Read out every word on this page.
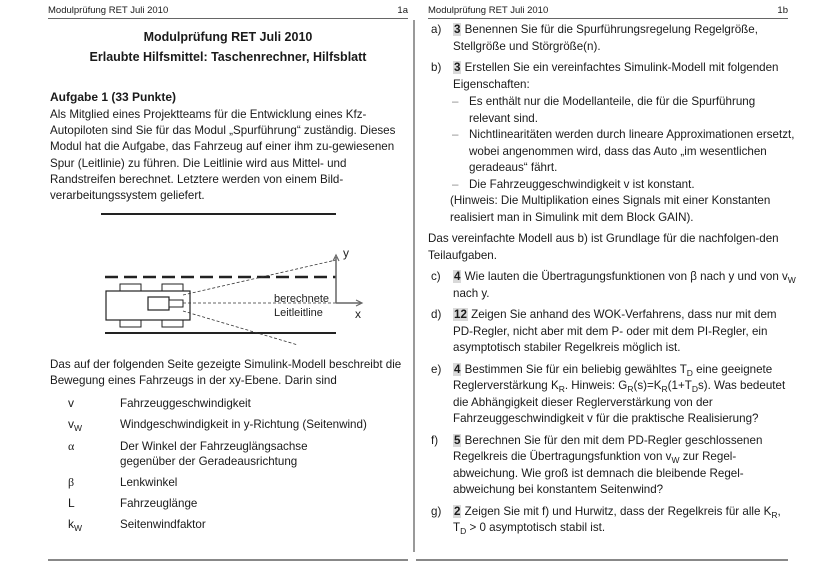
Modulprüfung RET Juli 2010	1a
Modulprüfung RET Juli 2010
Erlaubte Hilfsmittel: Taschenrechner, Hilfsblatt
Aufgabe 1 (33 Punkte)
Als Mitglied eines Projektteams für die Entwicklung eines Kfz-Autopiloten sind Sie für das Modul „Spurführung“ zuständig. Dieses Modul hat die Aufgabe, das Fahrzeug auf einer ihm zu-gewiesenen Spur (Leitlinie) zu führen. Die Leitlinie wird aus Mittel- und Randstreifen berechnet. Letztere werden von einem Bild-verarbeitungssystem geliefert.
y
x
berechnete
Leitleitline
Das auf der folgenden Seite gezeigte Simulink-Modell beschreibt die Bewegung eines Fahrzeugs in der xy-Ebene. Darin sind
v	Fahrzeuggeschwindigkeit
$v_W$	Windgeschwindigkeit in y-Richtung (Seitenwind)
α	Der Winkel der Fahrzeuglängsachse gegenüber der Geradeausrichtung
β	Lenkwinkel
L	Fahrzeuglänge
$k_W$	Seitenwindfaktor
Modulprüfung RET Juli 2010	1b
a)	3 Benennen Sie für die Spurführungsregelung Regelgröße, Stellgröße und Störgröße(n).
b)	3 Erstellen Sie ein vereinfachtes Simulink-Modell mit folgenden Eigenschaften:
– Es enthält nur die Modellanteile, die für die Spurführung relevant sind.
– Nichtlinearitäten werden durch lineare Approximationen ersetzt, wobei angenommen wird, dass das Auto „im wesentlichen geradeaus“ fährt.
– Die Fahrzeuggeschwindigkeit v ist konstant.
(Hinweis: Die Multiplikation eines Signals mit einer Konstanten realisiert man in Simulink mit dem Block GAIN).
Das vereinfachte Modell aus b) ist Grundlage für die nachfolgen-den Teilaufgaben.
c)	4 Wie lauten die Übertragungsfunktionen von β nach y und von $v_W$ nach y.
d)	12 Zeigen Sie anhand des WOK-Verfahrens, dass nur mit dem PD-Regler, nicht aber mit dem P- oder mit dem PI-Regler, ein asymptotisch stabiler Regelkreis möglich ist.
e)	4 Bestimmen Sie für ein beliebig gewähltes $T_D$ eine geeignete Reglerverstärkung $K_R$. Hinweis: $G_R(s)=K_R(1+T_Ds)$. Was bedeutet die Abhängigkeit dieser Reglerverstärkung von der Fahrzeuggeschwindigkeit v für die praktische Realisierung?
f)	5 Berechnen Sie für den mit dem PD-Regler geschlossenen Regelkreis die Übertragungsfunktion von $v_W$ zur Regel-abweichung. Wie groß ist demnach die bleibende Regel-abweichung bei konstantem Seitenwind?
g)	2 Zeigen Sie mit f) und Hurwitz, dass der Regelkreis für alle $K_R$, $T_D > 0$ asymptotisch stabil ist.
